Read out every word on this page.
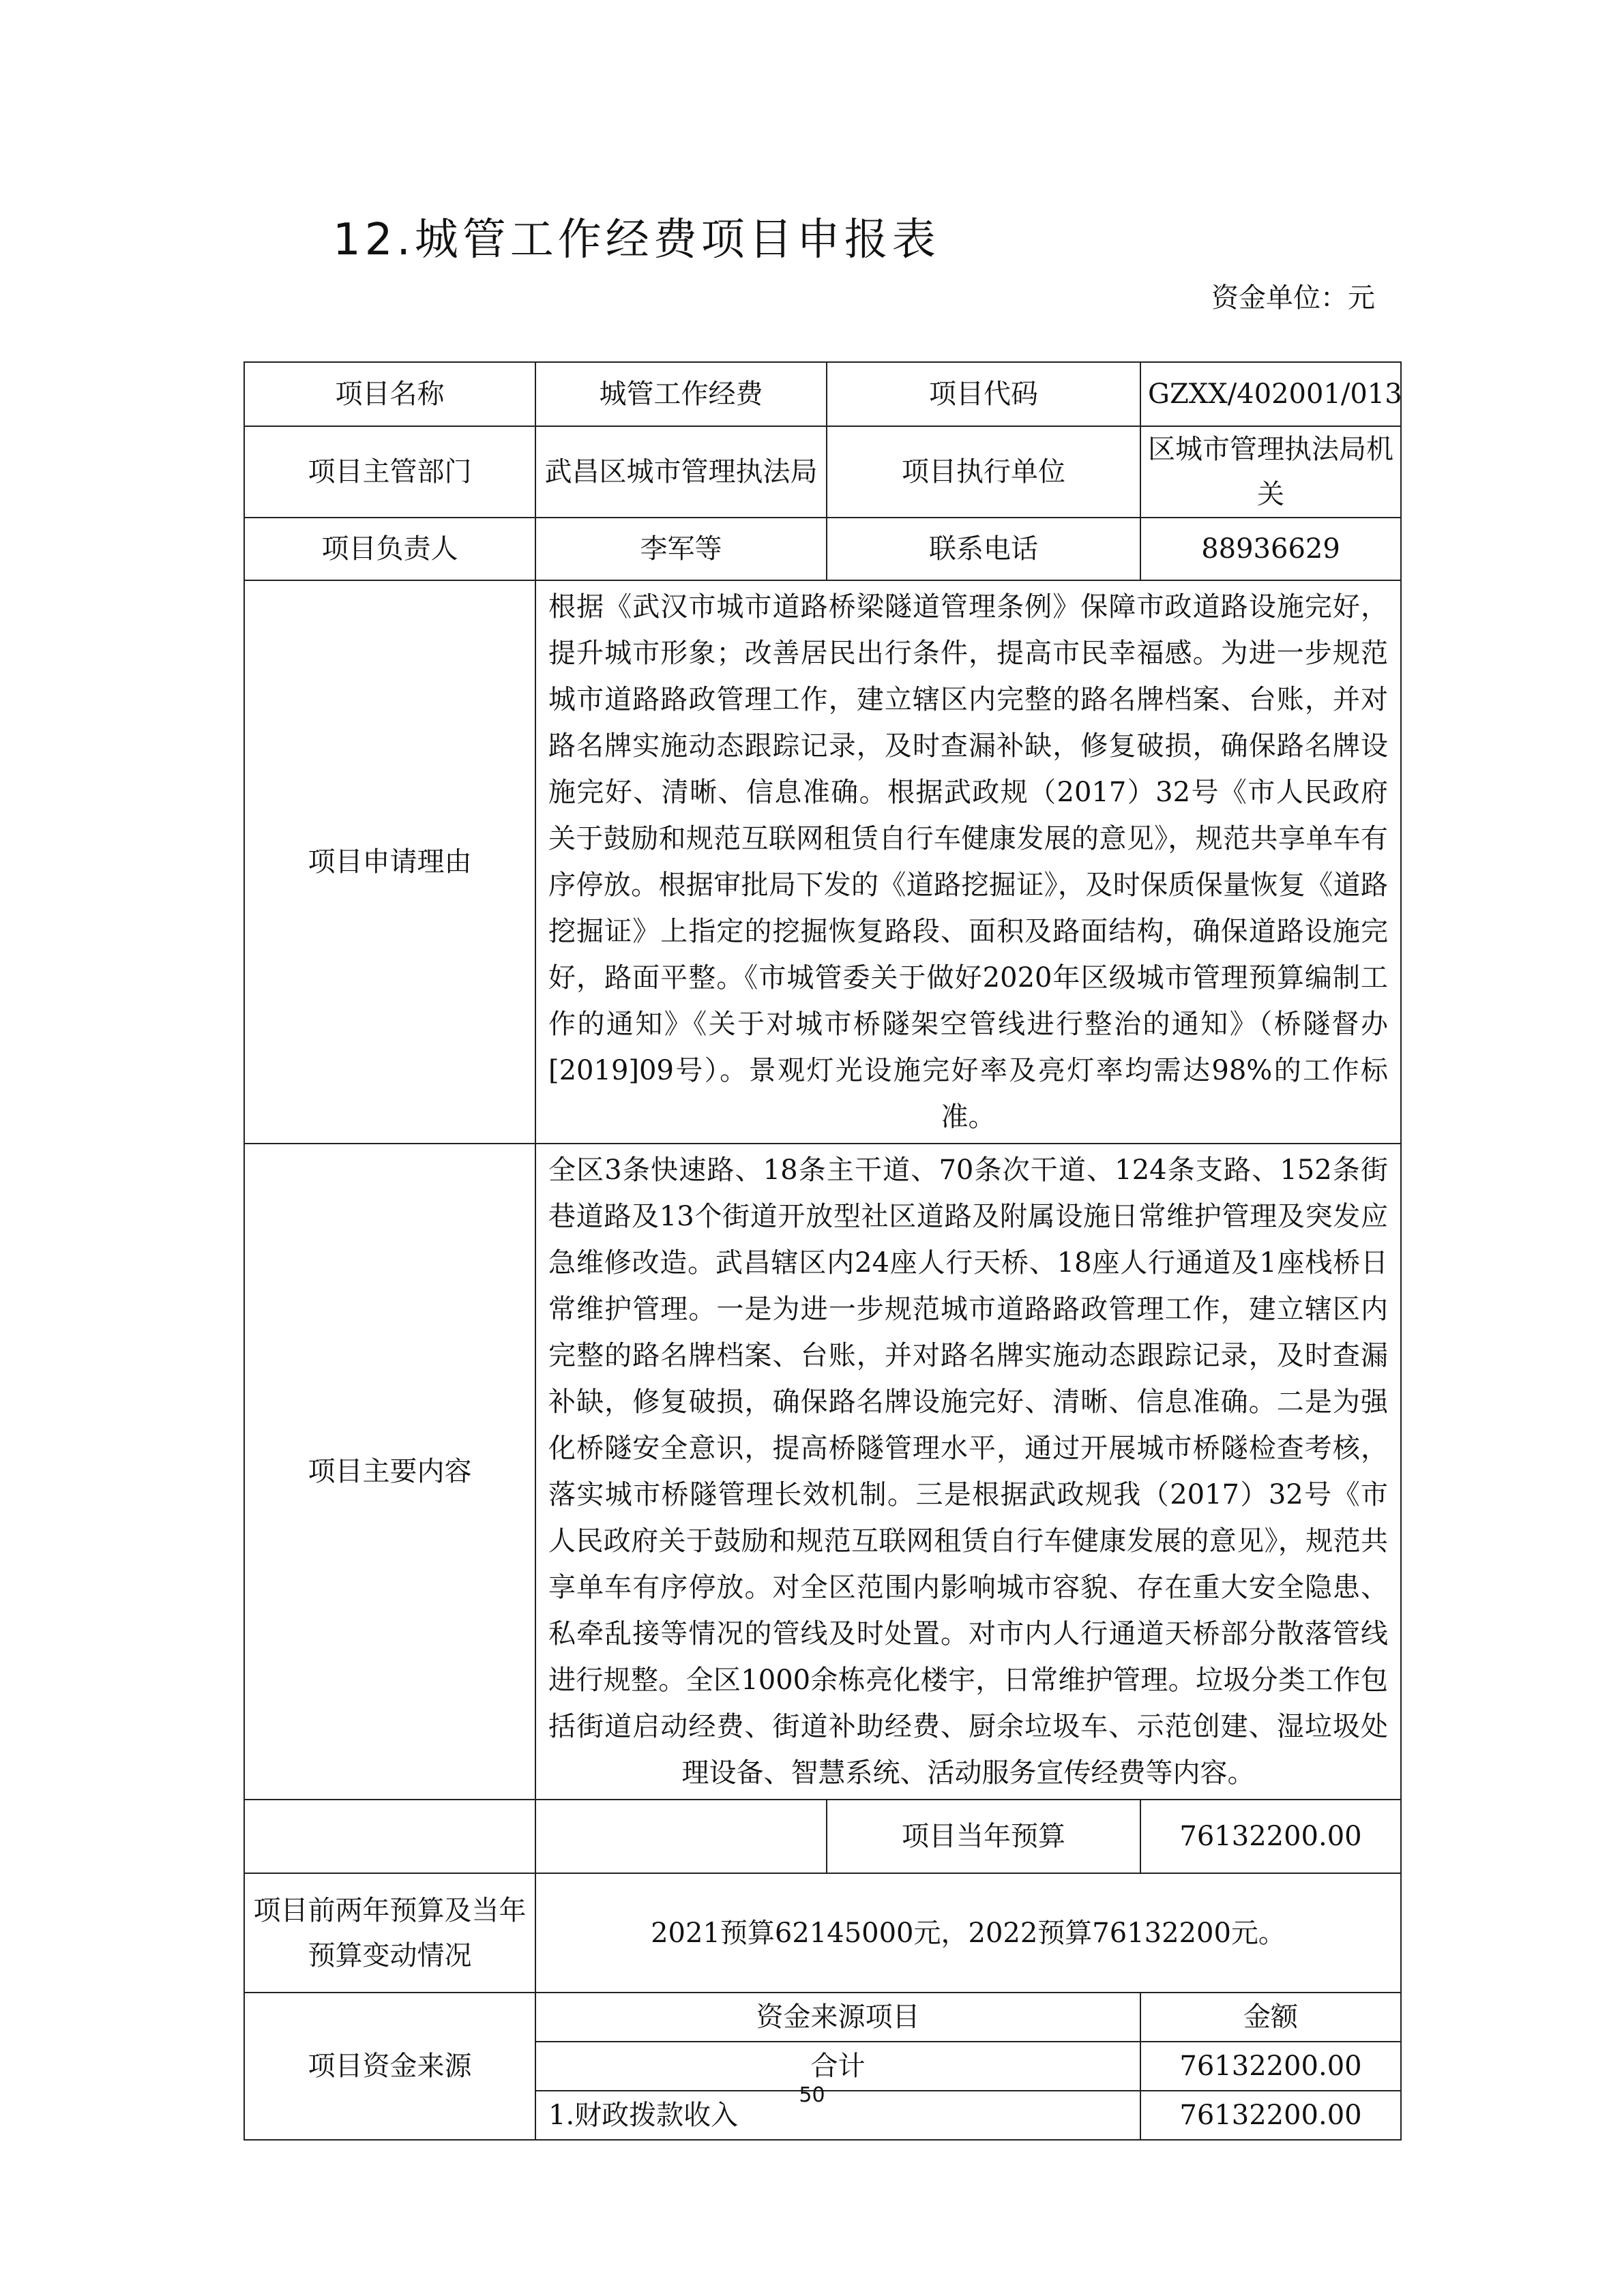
12.城管工作经费项目申报表
资金单位：元
项目名称	城管工作经费	项目代码	GZXX/402001/013
项目主管部门	武昌区城市管理执法局	项目执行单位	区城市管理执法局机关
项目负责人	李军等	联系电话	88936629
项目申请理由	根据《武汉市城市道路桥梁隧道管理条例》保障市政道路设施完好，提升城市形象；改善居民出行条件，提高市民幸福感。为进一步规范城市道路路政管理工作，建立辖区内完整的路名牌档案、台账，并对路名牌实施动态跟踪记录，及时查漏补缺，修复破损，确保路名牌设施完好、清晰、信息准确。根据武政规（2017）32号《市人民政府关于鼓励和规范互联网租赁自行车健康发展的意见》，规范共享单车有序停放。根据审批局下发的《道路挖掘证》，及时保质保量恢复《道路挖掘证》上指定的挖掘恢复路段、面积及路面结构，确保道路设施完好，路面平整。《市城管委关于做好2020年区级城市管理预算编制工作的通知》《关于对城市桥隧架空管线进行整治的通知》（桥隧督办[2019]09号）。景观灯光设施完好率及亮灯率均需达98%的工作标准。		
项目主要内容	全区3条快速路、18条主干道、70条次干道、124条支路、152条街巷道路及13个街道开放型社区道路及附属设施日常维护管理及突发应急维修改造。武昌辖区内24座人行天桥、18座人行通道及1座栈桥日常维护管理。一是为进一步规范城市道路路政管理工作，建立辖区内完整的路名牌档案、台账，并对路名牌实施动态跟踪记录，及时查漏补缺，修复破损，确保路名牌设施完好、清晰、信息准确。二是为强化桥隧安全意识，提高桥隧管理水平，通过开展城市桥隧检查考核，落实城市桥隧管理长效机制。三是根据武政规我（2017）32号《市人民政府关于鼓励和规范互联网租赁自行车健康发展的意见》，规范共享单车有序停放。对全区范围内影响城市容貌、存在重大安全隐患、私牵乱接等情况的管线及时处置。对市内人行通道天桥部分散落管线进行规整。全区1000余栋亮化楼宇，日常维护管理。垃圾分类工作包括街道启动经费、街道补助经费、厨余垃圾车、示范创建、湿垃圾处理设备、智慧系统、活动服务宣传经费等内容。		
		项目当年预算	76132200.00
项目前两年预算及当年预算变动情况	2021预算62145000元，2022预算76132200元。		
项目资金来源	资金来源项目		金额
	合计		76132200.00
	1.财政拨款收入		76132200.00
50
